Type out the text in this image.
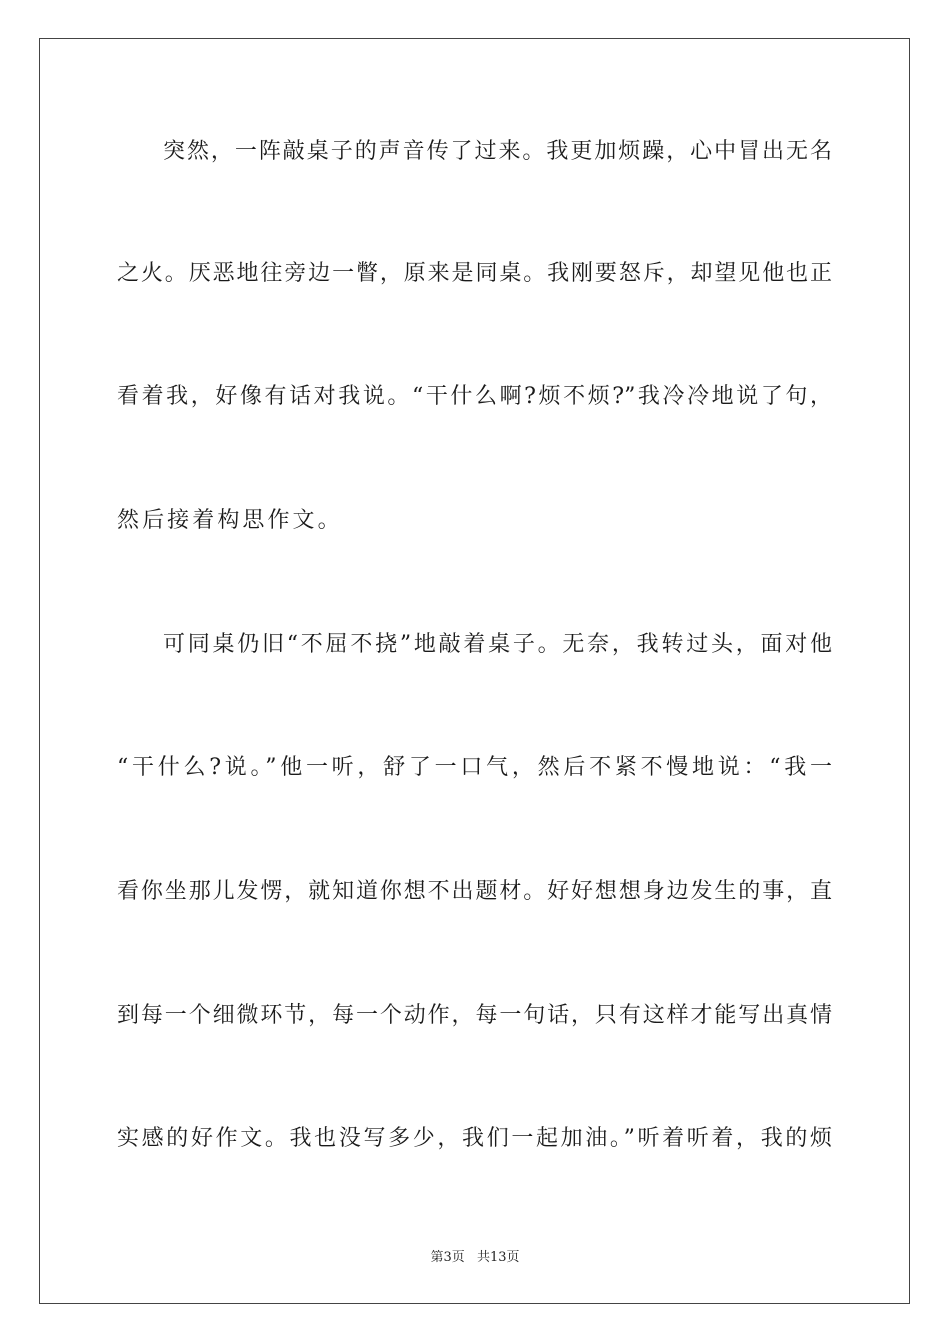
突然，一阵敲桌子的声音传了过来。我更加烦躁，心中冒出无名
之火。厌恶地往旁边一瞥，原来是同桌。我刚要怒斥，却望见他也正
看着我，好像有话对我说。“干什么啊?烦不烦?”我冷冷地说了句，
然后接着构思作文。
可同桌仍旧“不屈不挠”地敲着桌子。无奈，我转过头，面对他
“干什么?说。”他一听，舒了一口气，然后不紧不慢地说：“我一
看你坐那儿发愣，就知道你想不出题材。好好想想身边发生的事，直
到每一个细微环节，每一个动作，每一句话，只有这样才能写出真情
实感的好作文。我也没写多少，我们一起加油。”听着听着，我的烦
第3页 共13页
